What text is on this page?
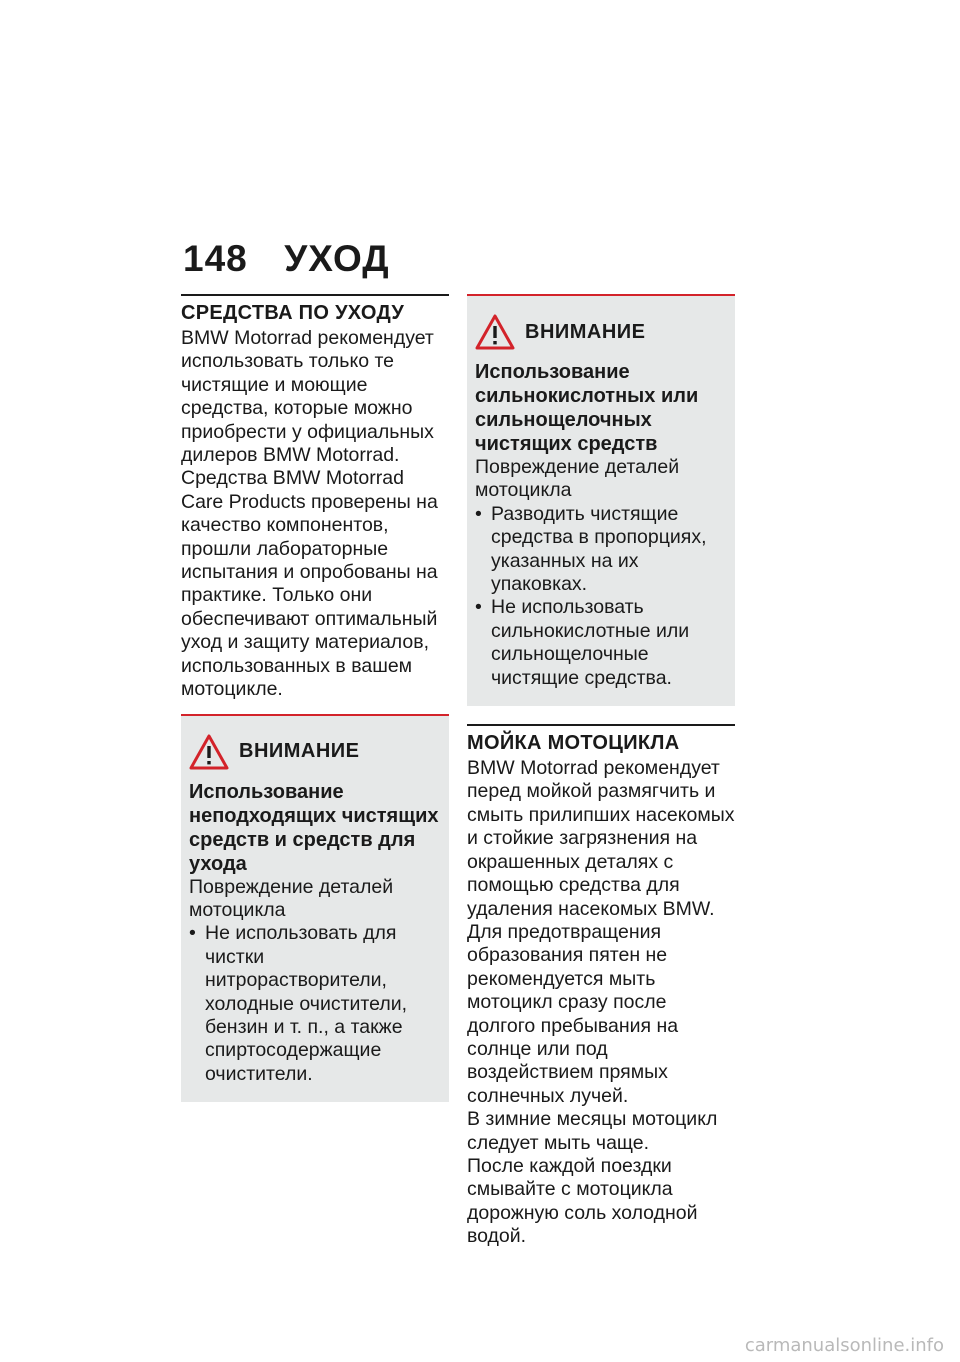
148 УХОД
СРЕДСТВА ПО УХОДУ

BMW Motorrad рекомендует использовать только те чистящие и моющие средства, которые можно приобрести у официальных дилеров BMW Motorrad. Средства BMW Motorrad Care Products проверены на качество компонентов, прошли лабораторные испытания и опробованы на практике. Только они обеспечивают оптимальный уход и защиту материалов, использованных в вашем мотоцикле.

ВНИМАНИЕ

Использование неподходящих чистящих средств и средств для ухода

Повреждение деталей мотоцикла

• Не использовать для чистки нитрорастворители, холодные очистители, бензин и т. п., а также спиртосодержащие очистители.
ВНИМАНИЕ

Использование сильнокислотных или сильнощелочных чистящих средств

Повреждение деталей мотоцикла

• Разводить чистящие средства в пропорциях, указанных на их упаковках.
• Не использовать сильнокислотные или сильнощелочные чистящие средства.
МОЙКА МОТОЦИКЛА

BMW Motorrad рекомендует перед мойкой размягчить и смыть прилипших насекомых и стойкие загрязнения на окрашенных деталях с помощью средства для удаления насекомых BMW.

Для предотвращения образования пятен не рекомендуется мыть мотоцикл сразу после долгого пребывания на солнце или под воздействием прямых солнечных лучей.

В зимние месяцы мотоцикл следует мыть чаще.

После каждой поездки смывайте с мотоцикла дорожную соль холодной водой.

carmanualsonline.info
